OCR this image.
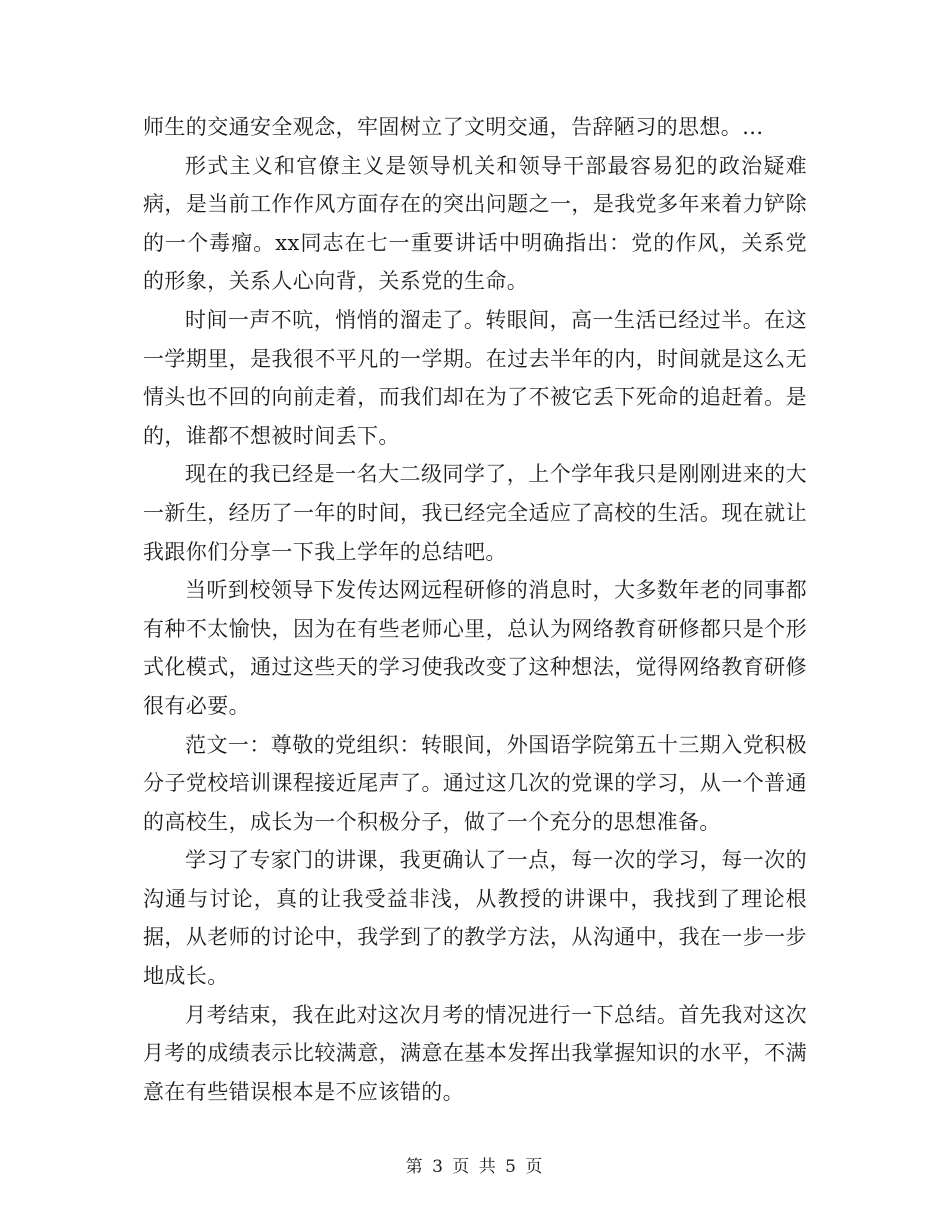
师生的交通安全观念，牢固树立了文明交通，告辞陋习的思想。...

形式主义和官僚主义是领导机关和领导干部最容易犯的政治疑难病，是当前工作作风方面存在的突出问题之一，是我党多年来着力铲除的一个毒瘤。xx同志在七一重要讲话中明确指出：党的作风，关系党的形象，关系人心向背，关系党的生命。

时间一声不吭，悄悄的溜走了。转眼间，高一生活已经过半。在这一学期里，是我很不平凡的一学期。在过去半年的内，时间就是这么无情头也不回的向前走着，而我们却在为了不被它丢下死命的追赶着。是的，谁都不想被时间丢下。

现在的我已经是一名大二级同学了，上个学年我只是刚刚进来的大一新生，经历了一年的时间，我已经完全适应了高校的生活。现在就让我跟你们分享一下我上学年的总结吧。

当听到校领导下发传达网远程研修的消息时，大多数年老的同事都有种不太愉快，因为在有些老师心里，总认为网络教育研修都只是个形式化模式，通过这些天的学习使我改变了这种想法，觉得网络教育研修很有必要。

范文一：尊敬的党组织：转眼间，外国语学院第五十三期入党积极分子党校培训课程接近尾声了。通过这几次的党课的学习，从一个普通的高校生，成长为一个积极分子，做了一个充分的思想准备。

学习了专家门的讲课，我更确认了一点，每一次的学习，每一次的沟通与讨论，真的让我受益非浅，从教授的讲课中，我找到了理论根据，从老师的讨论中，我学到了的教学方法，从沟通中，我在一步一步地成长。

月考结束，我在此对这次月考的情况进行一下总结。首先我对这次月考的成绩表示比较满意，满意在基本发挥出我掌握知识的水平，不满意在有些错误根本是不应该错的。

第 3 页 共 5 页
